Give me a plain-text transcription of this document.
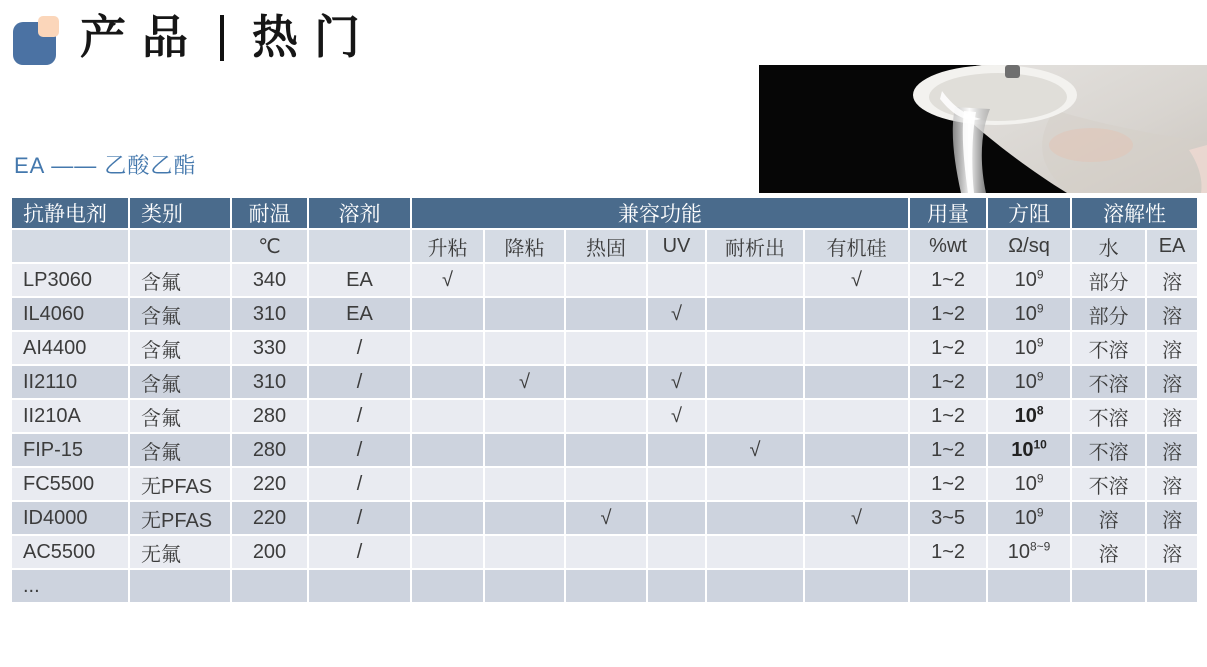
产品 热门
EA —— 乙酸乙酯
抗静电剂	类别	耐温	溶剂	兼容功能						用量	方阻	溶解性	
		℃		升粘	降粘	热固	UV	耐析出	有机硅	%wt	Ω/sq	水	EA
LP3060	含氟	340	EA	√					√	1~2	$10^9$	部分	溶
IL4060	含氟	310	EA				√			1~2	$10^9$	部分	溶
AI4400	含氟	330	/							1~2	$10^9$	不溶	溶
II2110	含氟	310	/		√		√			1~2	$10^9$	不溶	溶
II210A	含氟	280	/				√			1~2	$10^8$	不溶	溶
FIP-15	含氟	280	/					√		1~2	$10^{10}$	不溶	溶
FC5500	无PFAS	220	/							1~2	$10^9$	不溶	溶
ID4000	无PFAS	220	/			√			√	3~5	$10^9$	溶	溶
AC5500	无氟	200	/							1~2	$10^{8\sim 9}$	溶	溶
...													
